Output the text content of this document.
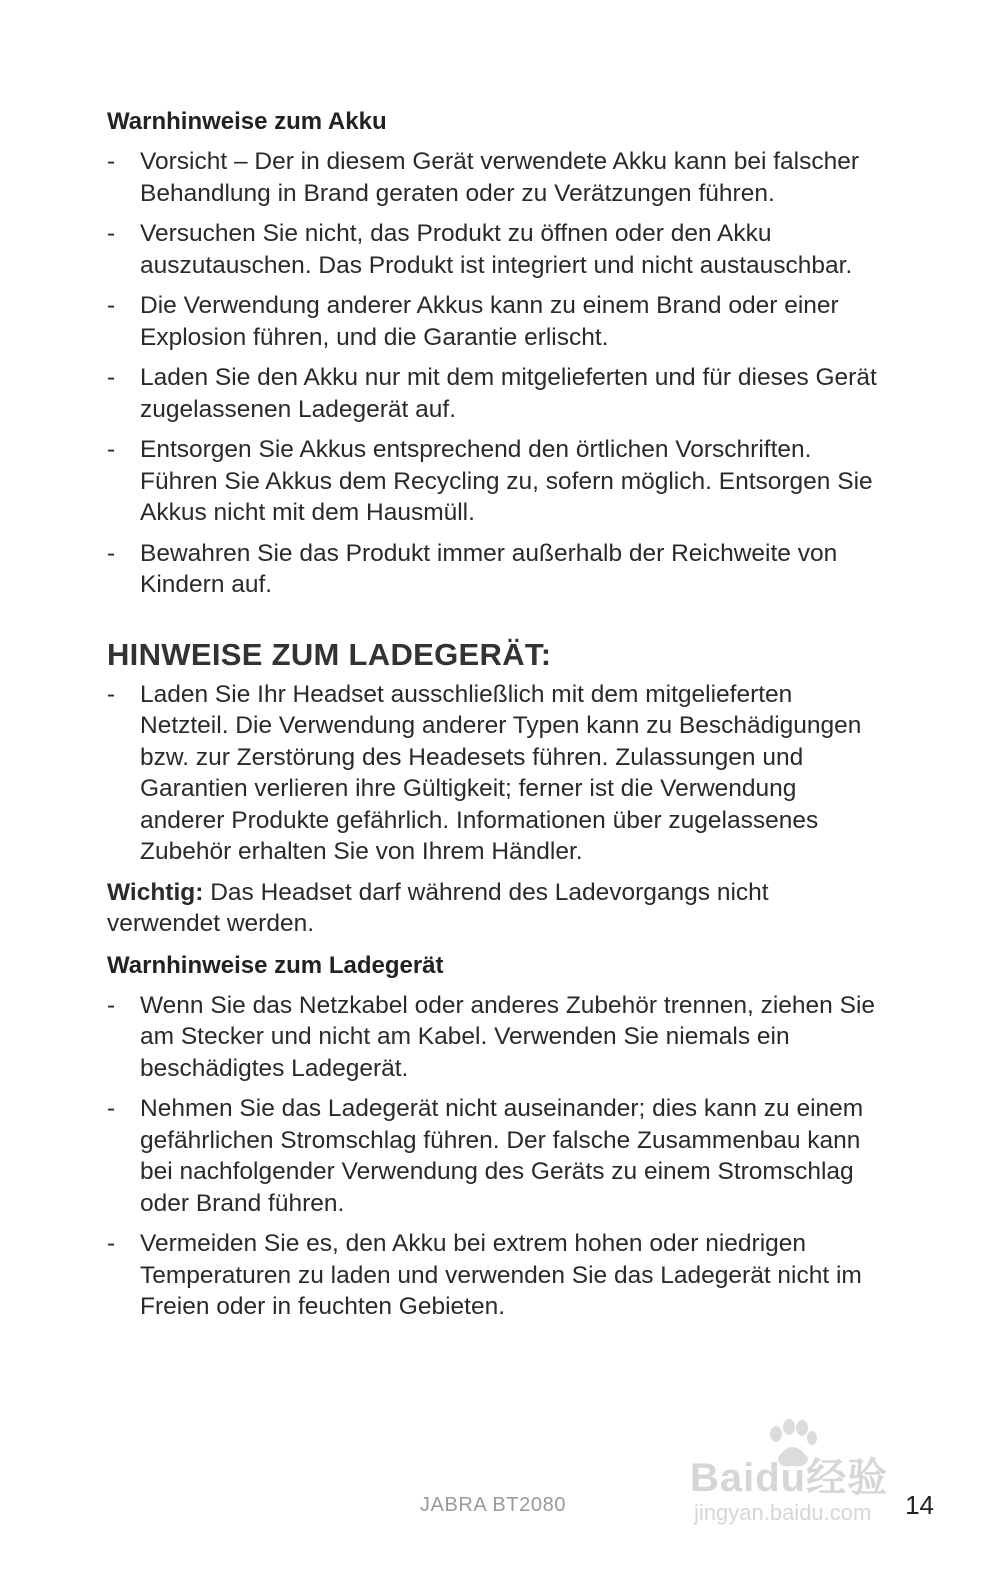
Warnhinweise zum Akku
-	Vorsicht – Der in diesem Gerät verwendete Akku kann bei falscher Behandlung in Brand geraten oder zu Verätzungen führen.
-	Versuchen Sie nicht, das Produkt zu öffnen oder den Akku auszutauschen. Das Produkt ist integriert und nicht austauschbar.
-	Die Verwendung anderer Akkus kann zu einem Brand oder einer Explosion führen, und die Garantie erlischt.
-	Laden Sie den Akku nur mit dem mitgelieferten und für dieses Gerät zugelassenen Ladegerät auf.
-	Entsorgen Sie Akkus entsprechend den örtlichen Vorschriften. Führen Sie Akkus dem Recycling zu, sofern möglich. Entsorgen Sie Akkus nicht mit dem Hausmüll.
-	Bewahren Sie das Produkt immer außerhalb der Reichweite von Kindern auf.
HINWEISE ZUM LADEGERÄT:
-	Laden Sie Ihr Headset ausschließlich mit dem mitgelieferten Netzteil. Die Verwendung anderer Typen kann zu Beschädigungen bzw. zur Zerstörung des Headesets führen. Zulassungen und Garantien verlieren ihre Gültigkeit; ferner ist die Verwendung anderer Produkte gefährlich. Informationen über zugelassenes Zubehör erhalten Sie von Ihrem Händler.

Wichtig: Das Headset darf während des Ladevorgangs nicht verwendet werden.

Warnhinweise zum Ladegerät
-	Wenn Sie das Netzkabel oder anderes Zubehör trennen, ziehen Sie am Stecker und nicht am Kabel. Verwenden Sie niemals ein beschädigtes Ladegerät.
-	Nehmen Sie das Ladegerät nicht auseinander; dies kann zu einem gefährlichen Stromschlag führen. Der falsche Zusammenbau kann bei nachfolgender Verwendung des Geräts zu einem Stromschlag oder Brand führen.
-	Vermeiden Sie es, den Akku bei extrem hohen oder niedrigen Temperaturen zu laden und verwenden Sie das Ladegerät nicht im Freien oder in feuchten Gebieten.
Baidu经验
jingyan.baidu.com
JABRA BT2080	14
